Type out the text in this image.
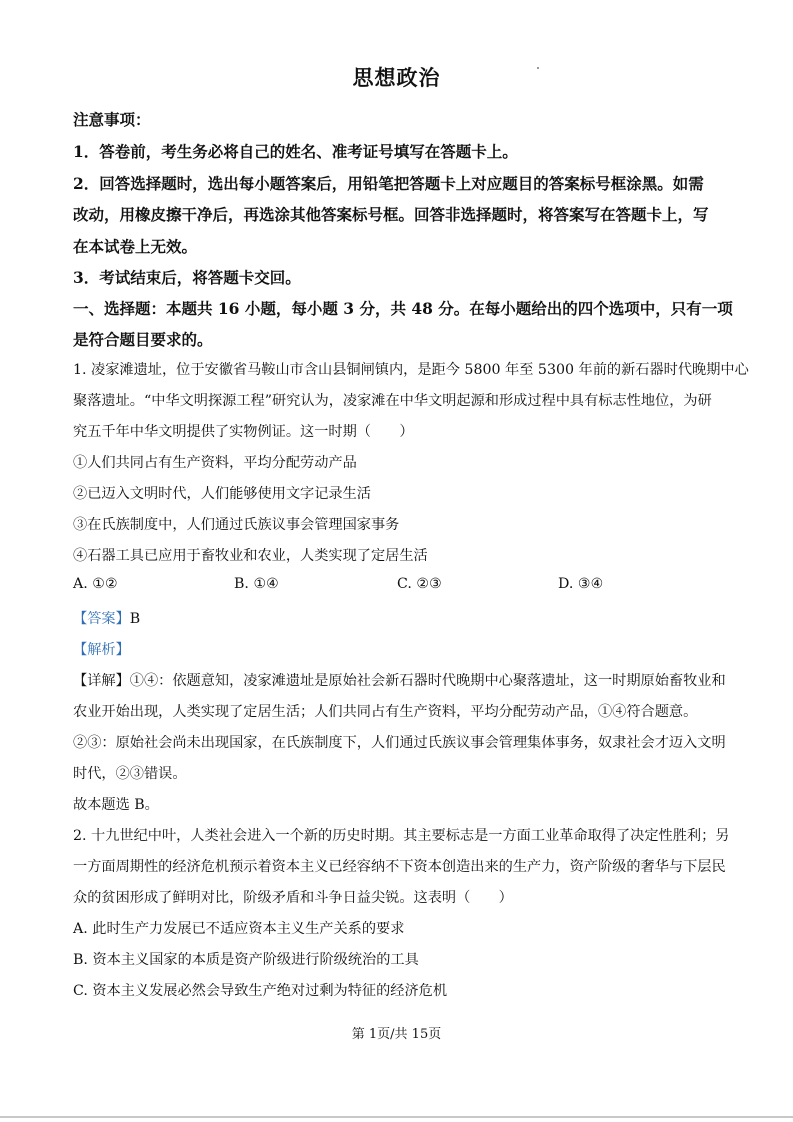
思想政治
注意事项：
1．答卷前，考生务必将自己的姓名、准考证号填写在答题卡上。
2．回答选择题时，选出每小题答案后，用铅笔把答题卡上对应题目的答案标号框涂黑。如需
改动，用橡皮擦干净后，再选涂其他答案标号框。回答非选择题时，将答案写在答题卡上，写
在本试卷上无效。
3．考试结束后，将答题卡交回。
一、选择题：本题共 16 小题，每小题 3 分，共 48 分。在每小题给出的四个选项中，只有一项
是符合题目要求的。
1. 凌家滩遗址，位于安徽省马鞍山市含山县铜闸镇内，是距今 5800 年至 5300 年前的新石器时代晚期中心
聚落遗址。“中华文明探源工程”研究认为，凌家滩在中华文明起源和形成过程中具有标志性地位，为研
究五千年中华文明提供了实物例证。这一时期（　　）
①人们共同占有生产资料，平均分配劳动产品
②已迈入文明时代，人们能够使用文字记录生活
③在氏族制度中，人们通过氏族议事会管理国家事务
④石器工具已应用于畜牧业和农业，人类实现了定居生活
A. ①②	B. ①④	C. ②③	D. ③④
【答案】B
【解析】
【详解】①④：依题意知，凌家滩遗址是原始社会新石器时代晚期中心聚落遗址，这一时期原始畜牧业和
农业开始出现，人类实现了定居生活；人们共同占有生产资料，平均分配劳动产品，①④符合题意。
②③：原始社会尚未出现国家，在氏族制度下，人们通过氏族议事会管理集体事务，奴隶社会才迈入文明
时代，②③错误。
故本题选 B。
2. 十九世纪中叶，人类社会进入一个新的历史时期。其主要标志是一方面工业革命取得了决定性胜利；另
一方面周期性的经济危机预示着资本主义已经容纳不下资本创造出来的生产力，资产阶级的奢华与下层民
众的贫困形成了鲜明对比，阶级矛盾和斗争日益尖锐。这表明（　　）
A. 此时生产力发展已不适应资本主义生产关系的要求
B. 资本主义国家的本质是资产阶级进行阶级统治的工具
C. 资本主义发展必然会导致生产绝对过剩为特征的经济危机
第 1页/共 15页
